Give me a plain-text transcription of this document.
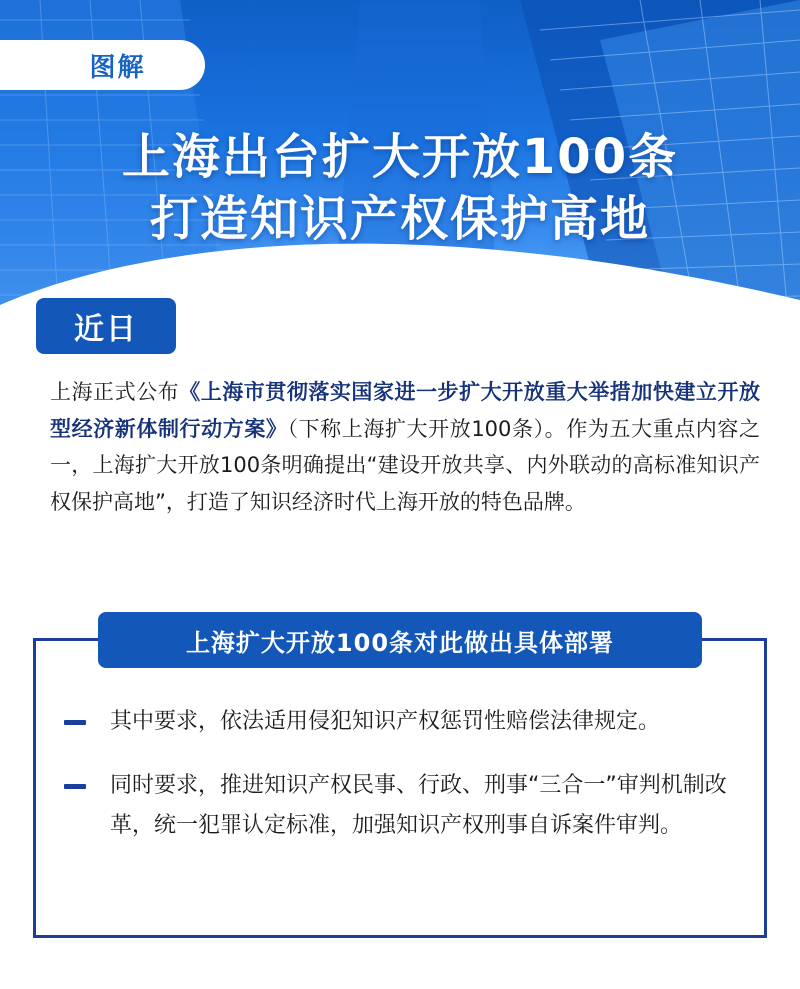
图解
上海出台扩大开放100条
打造知识产权保护高地
近日
上海正式公布《上海市贯彻落实国家进一步扩大开放重大举措加快建立开放型经济新体制行动方案》（下称上海扩大开放100条）。作为五大重点内容之一，上海扩大开放100条明确提出“建设开放共享、内外联动的高标准知识产权保护高地”，打造了知识经济时代上海开放的特色品牌。
上海扩大开放100条对此做出具体部署
其中要求，依法适用侵犯知识产权惩罚性赔偿法律规定。
同时要求，推进知识产权民事、行政、刑事“三合一”审判机制改革，统一犯罪认定标准，加强知识产权刑事自诉案件审判。
